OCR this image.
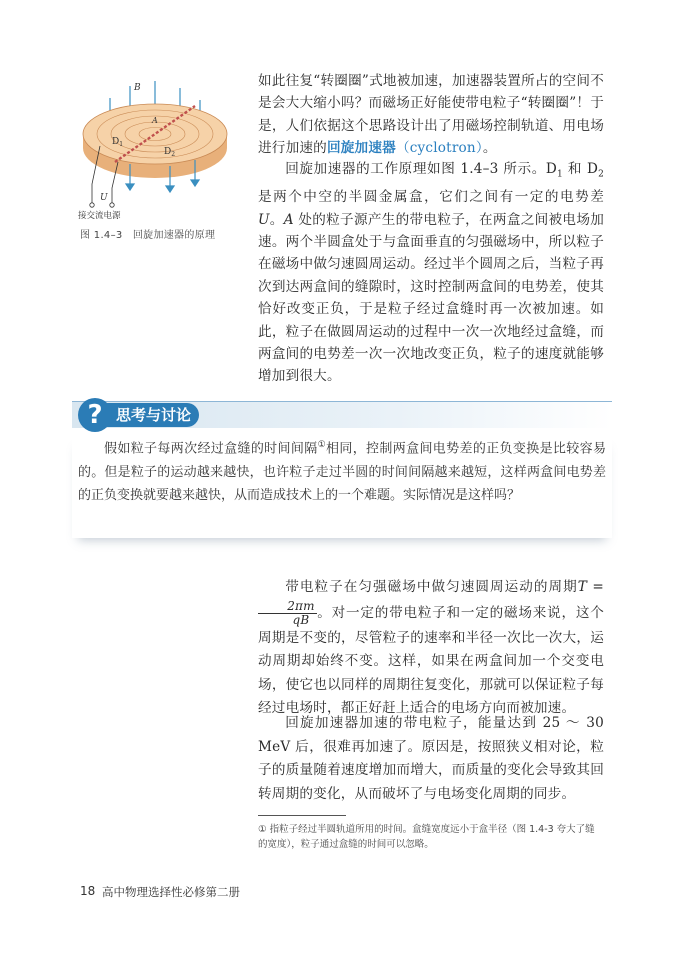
B
A
$D_1$
$D_2$
U
接交流电源
图 1.4–3　回旋加速器的原理

如此往复“转圈圈”式地被加速，加速器装置所占的空间不是会大大缩小吗？而磁场正好能使带电粒子“转圈圈”！于是，人们依据这个思路设计出了用磁场控制轨道、用电场进行加速的回旋加速器（cyclotron）。

回旋加速器的工作原理如图 1.4–3 所示。$D_1$ 和 $D_2$ 是两个中空的半圆金属盒，它们之间有一定的电势差 U。A 处的粒子源产生的带电粒子，在两盒之间被电场加速。两个半圆盒处于与盒面垂直的匀强磁场中，所以粒子在磁场中做匀速圆周运动。经过半个圆周之后，当粒子再次到达两盒间的缝隙时，这时控制两盒间的电势差，使其恰好改变正负，于是粒子经过盒缝时再一次被加速。如此，粒子在做圆周运动的过程中一次一次地经过盒缝，而两盒间的电势差一次一次地改变正负，粒子的速度就能够增加到很大。

思考与讨论
?
假如粒子每两次经过盒缝的时间间隔①相同，控制两盒间电势差的正负变换是比较容易的。但是粒子的运动越来越快，也许粒子走过半圆的时间间隔越来越短，这样两盒间电势差的正负变换就要越来越快，从而造成技术上的一个难题。实际情况是这样吗？

带电粒子在匀强磁场中做匀速圆周运动的周期T =
$\frac{2\pi m}{qB}$ 。对一定的带电粒子和一定的磁场来说，这个周期是不变的，尽管粒子的速率和半径一次比一次大，运动周期却始终不变。这样，如果在两盒间加一个交变电场，使它也以同样的周期往复变化，那就可以保证粒子每经过电场时，都正好赶上适合的电场方向而被加速。

回旋加速器加速的带电粒子，能量达到 25 ～ 30 MeV 后，很难再加速了。原因是，按照狭义相对论，粒子的质量随着速度增加而增大，而质量的变化会导致其回转周期的变化，从而破坏了与电场变化周期的同步。

① 指粒子经过半圆轨道所用的时间。盒缝宽度远小于盒半径（图 1.4-3 夸大了缝的宽度），粒子通过盒缝的时间可以忽略。
18 高中物理选择性必修第二册
